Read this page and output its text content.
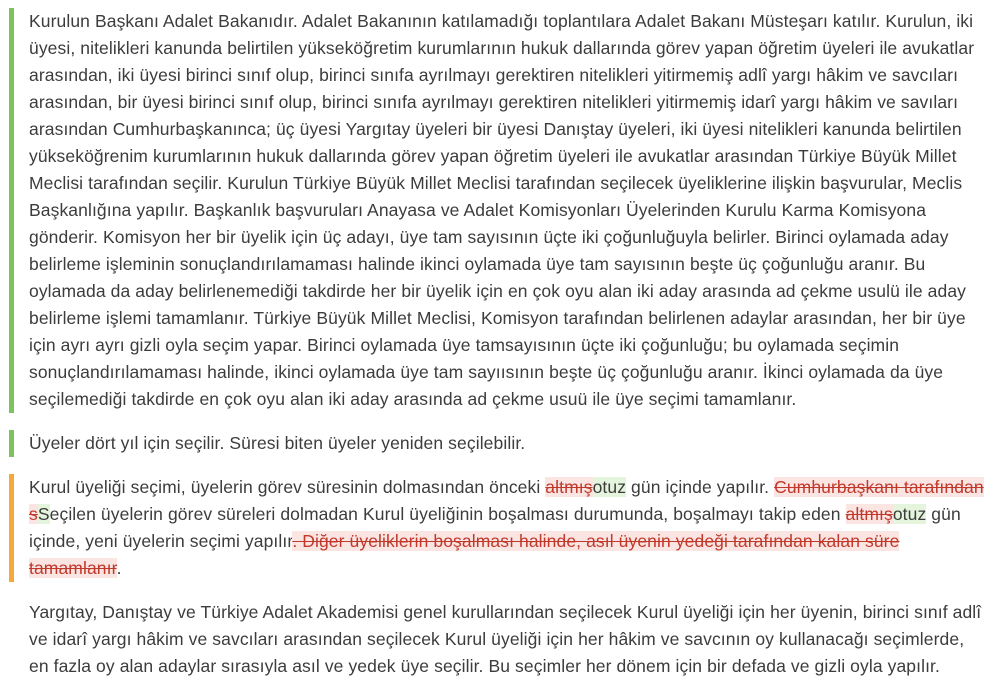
Kurulun Başkanı Adalet Bakanıdır. Adalet Bakanının katılamadığı toplantılara Adalet Bakanı Müsteşarı katılır. Kurulun, iki üyesi, nitelikleri kanunda belirtilen yükseköğretim kurumlarının hukuk dallarında görev yapan öğretim üyeleri ile avukatlar arasından, iki üyesi birinci sınıf olup, birinci sınıfa ayrılmayı gerektiren nitelikleri yitirmemiş adlî yargı hâkim ve savcıları arasından, bir üyesi birinci sınıf olup, birinci sınıfa ayrılmayı gerektiren nitelikleri yitirmemiş idarî yargı hâkim ve savıları arasından Cumhurbaşkanınca; üç üyesi Yargıtay üyeleri bir üyesi Danıştay üyeleri, iki üyesi nitelikleri kanunda belirtilen yükseköğrenim kurumlarının hukuk dallarında görev yapan öğretim üyeleri ile avukatlar arasından Türkiye Büyük Millet Meclisi tarafından seçilir. Kurulun Türkiye Büyük Millet Meclisi tarafından seçilecek üyeliklerine ilişkin başvurular, Meclis Başkanlığına yapılır. Başkanlık başvuruları Anayasa ve Adalet Komisyonları Üyelerinden Kurulu Karma Komisyona gönderir. Komisyon her bir üyelik için üç adayı, üye tam sayısının üçte iki çoğunluğuyla belirler. Birinci oylamada aday belirleme işleminin sonuçlandırılamaması halinde ikinci oylamada üye tam sayısının beşte üç çoğunluğu aranır. Bu oylamada da aday belirlenemediği takdirde her bir üyelik için en çok oyu alan iki aday arasında ad çekme usulü ile aday belirleme işlemi tamamlanır. Türkiye Büyük Millet Meclisi, Komisyon tarafından belirlenen adaylar arasından, her bir üye için ayrı ayrı gizli oyla seçim yapar. Birinci oylamada üye tamsayısının üçte iki çoğunluğu; bu oylamada seçimin sonuçlandırılamaması halinde, ikinci oylamada üye tam sayıısının beşte üç çoğunluğu aranır. İkinci oylamada da üye seçilemediği takdirde en çok oyu alan iki aday arasında ad çekme usuü ile üye seçimi tamamlanır.

Üyeler dört yıl için seçilir. Süresi biten üyeler yeniden seçilebilir.

Kurul üyeliği seçimi, üyelerin görev süresinin dolmasından önceki altmışotuz gün içinde yapılır. Cumhurbaşkanı tarafından sSeçilen üyelerin görev süreleri dolmadan Kurul üyeliğinin boşalması durumunda, boşalmayı takip eden altmışotuz gün içinde, yeni üyelerin seçimi yapılır. Diğer üyeliklerin boşalması halinde, asıl üyenin yedeği tarafından kalan süre tamamlanır.

Yargıtay, Danıştay ve Türkiye Adalet Akademisi genel kurullarından seçilecek Kurul üyeliği için her üyenin, birinci sınıf adlî ve idarî yargı hâkim ve savcıları arasından seçilecek Kurul üyeliği için her hâkim ve savcının oy kullanacağı seçimlerde, en fazla oy alan adaylar sırasıyla asıl ve yedek üye seçilir. Bu seçimler her dönem için bir defada ve gizli oyla yapılır.
